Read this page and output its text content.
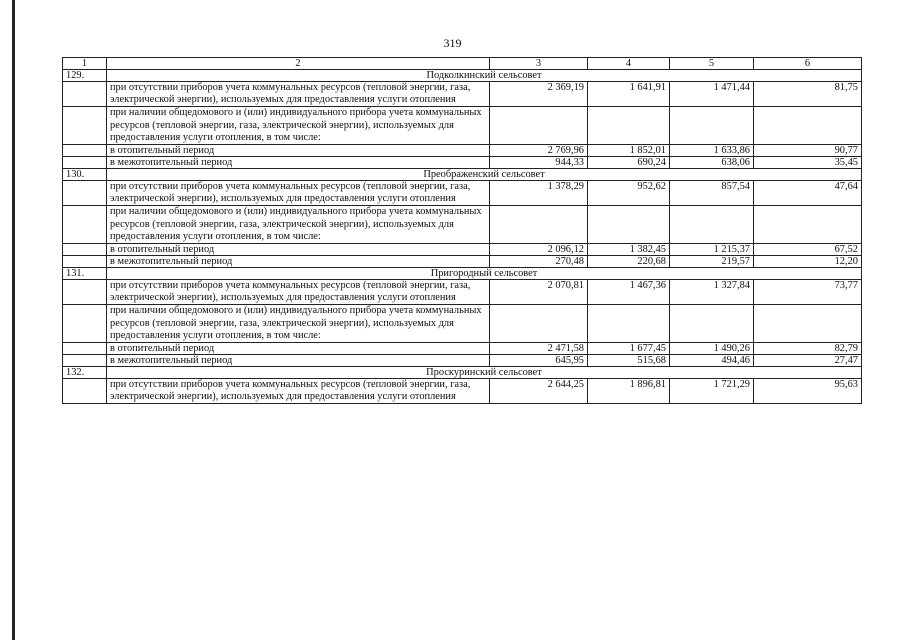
319
1	2	3	4	5	6
129.	Подколкинский сельсовет				
	при отсутствии приборов учета коммунальных ресурсов (тепловой энергии, газа, электрической энергии), используемых для предоставления услуги отопления	2 369,19	1 641,91	1 471,44	81,75
	при наличии общедомового и (или) индивидуального прибора учета коммунальных ресурсов (тепловой энергии, газа, электрической энергии), используемых для предоставления услуги отопления, в том числе:				
	в отопительный период	2 769,96	1 852,01	1 633,86	90,77
	в межотопительный период	944,33	690,24	638,06	35,45
130.	Преображенский сельсовет				
	при отсутствии приборов учета коммунальных ресурсов (тепловой энергии, газа, электрической энергии), используемых для предоставления услуги отопления	1 378,29	952,62	857,54	47,64
	при наличии общедомового и (или) индивидуального прибора учета коммунальных ресурсов (тепловой энергии, газа, электрической энергии), используемых для предоставления услуги отопления, в том числе:				
	в отопительный период	2 096,12	1 382,45	1 215,37	67,52
	в межотопительный период	270,48	220,68	219,57	12,20
131.	Пригородный сельсовет				
	при отсутствии приборов учета коммунальных ресурсов (тепловой энергии, газа, электрической энергии), используемых для предоставления услуги отопления	2 070,81	1 467,36	1 327,84	73,77
	при наличии общедомового и (или) индивидуального прибора учета коммунальных ресурсов (тепловой энергии, газа, электрической энергии), используемых для предоставления услуги отопления, в том числе:				
	в отопительный период	2 471,58	1 677,45	1 490,26	82,79
	в межотопительный период	645,95	515,68	494,46	27,47
132.	Проскуринский сельсовет				
	при отсутствии приборов учета коммунальных ресурсов (тепловой энергии, газа, электрической энергии), используемых для предоставления услуги отопления	2 644,25	1 896,81	1 721,29	95,63
